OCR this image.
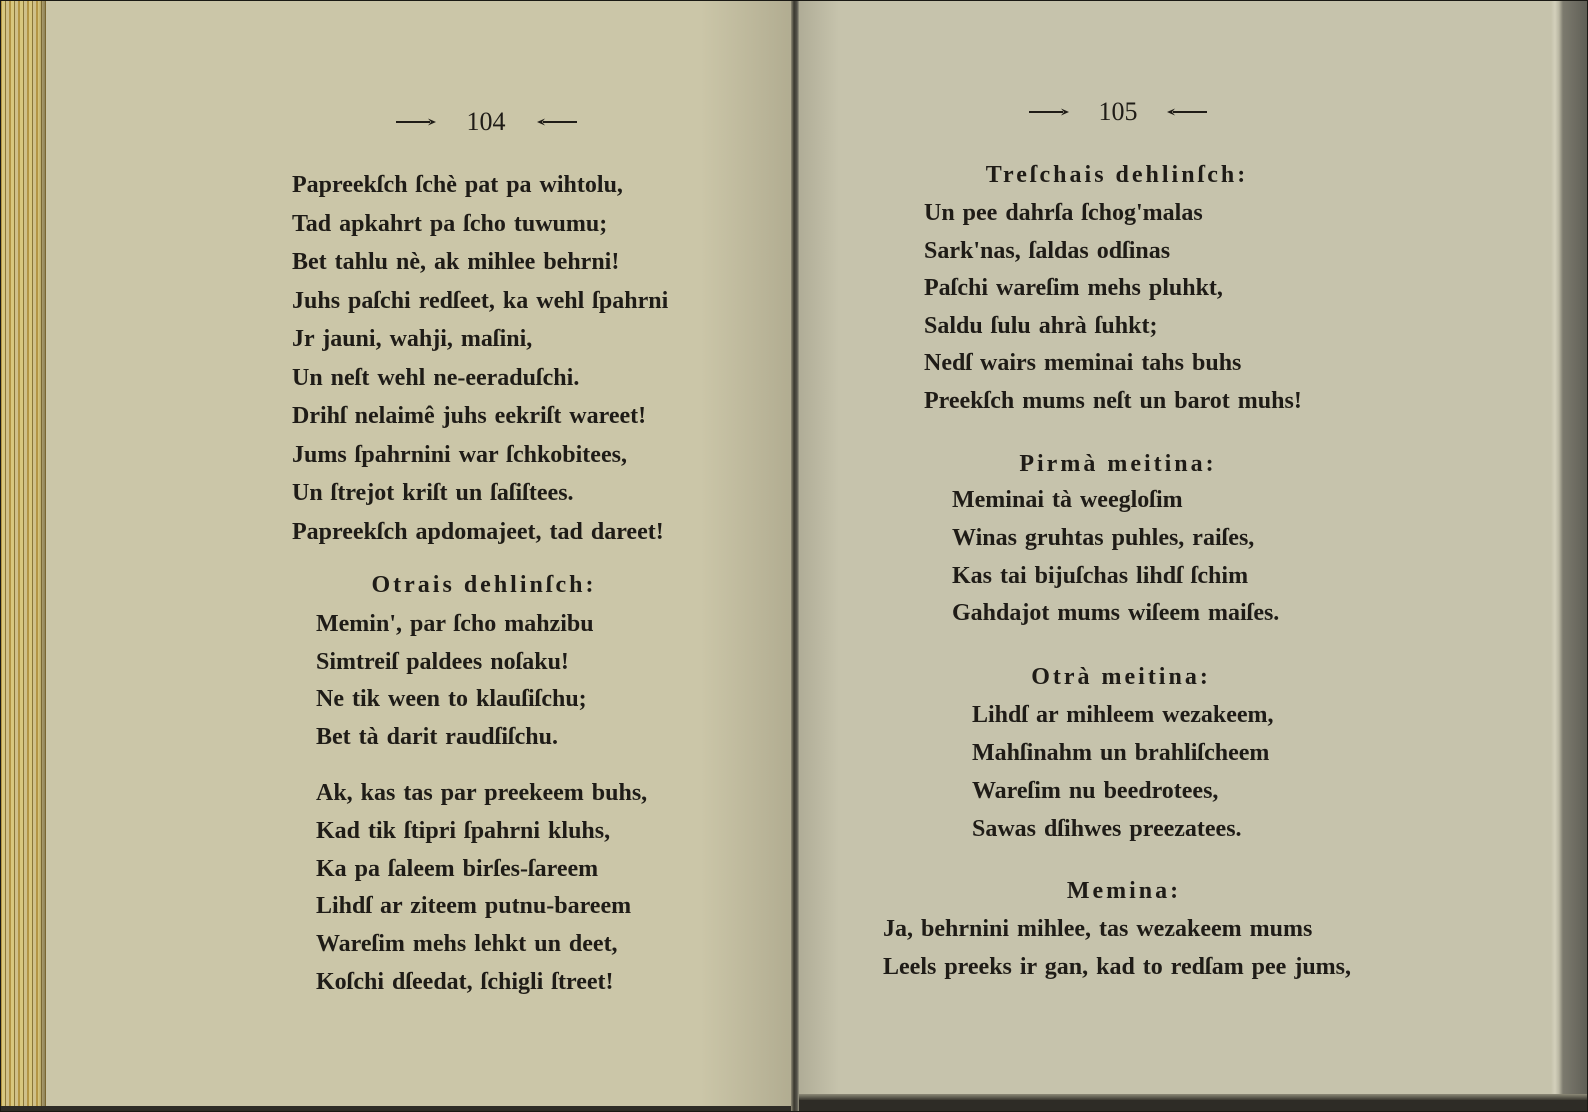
104
Papreekſch ſchè pat pa wihtolu,
Tad apkahrt pa ſcho tuwumu;
Bet tahlu nè, ak mihlee behrni!
Juhs paſchi redſeet, ka wehl ſpahrni
Jr jauni, wahji, maſini,
Un neſt wehl ne-eeraduſchi.
Drihſ nelaimê juhs eekriſt wareet!
Jums ſpahrnini war ſchkobitees,
Un ſtrejot kriſt un ſaſiſtees.
Papreekſch apdomajeet, tad dareet!
Otrais dehlinſch:
Memin', par ſcho mahzibu
Simtreiſ paldees noſaku!
Ne tik ween to klauſiſchu;
Bet tà darit raudſiſchu.
Ak, kas tas par preekeem buhs,
Kad tik ſtipri ſpahrni kluhs,
Ka pa ſaleem birſes-ſareem
Lihdſ ar ziteem putnu-bareem
Wareſim mehs lehkt un deet,
Koſchi dſeedat, ſchigli ſtreet!
105
Treſchais dehlinſch:
Un pee dahrſa ſchog'malas
Sark'nas, ſaldas odſinas
Paſchi wareſim mehs pluhkt,
Saldu ſulu ahrà ſuhkt;
Nedſ wairs meminai tahs buhs
Preekſch mums neſt un barot muhs!
Pirmà meitina:
Meminai tà weegloſim
Winas gruhtas puhles, raiſes,
Kas tai bijuſchas lihdſ ſchim
Gahdajot mums wiſeem maiſes.
Otrà meitina:
Lihdſ ar mihleem wezakeem,
Mahſinahm un brahliſcheem
Wareſim nu beedrotees,
Sawas dſihwes preezatees.
Memina:
Ja, behrnini mihlee, tas wezakeem mums
Leels preeks ir gan, kad to redſam pee jums,
